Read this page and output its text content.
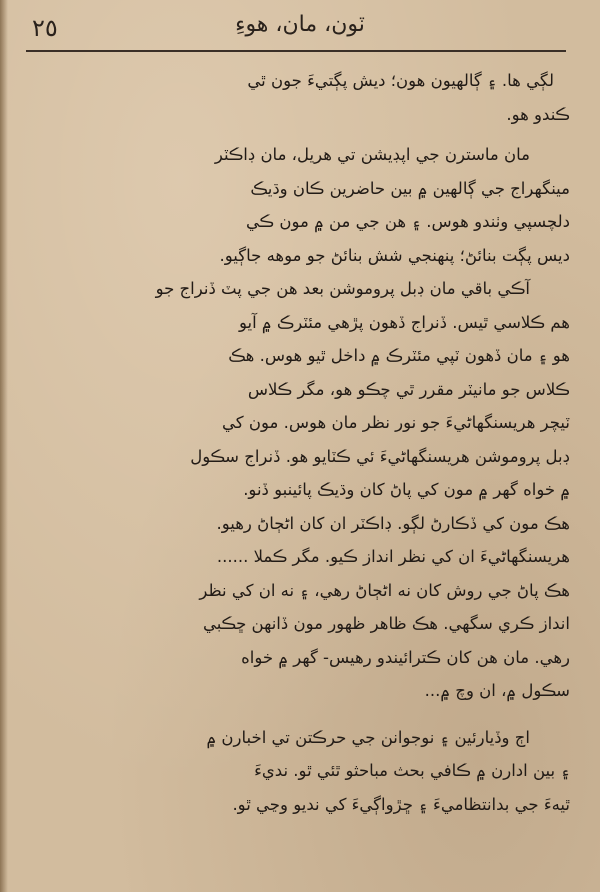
٢٥	ٽون، مان، هوءِ

لڳي ها. ۽ ڳالهيون هون؛ ديش پڳتيءَ جون ٿي
ڪندو هو.

مان ماسترن جي اپڊيشن تي هريل، مان ڊاڪٽر
مينگهراج جي ڳالهين ۾ بين حاضرين ڪان وڌيڪ
دلچسپي وٺندو هوس. ۽ هن جي من ۾ مون ڪي
ديس پڳت بنائڻ؛ پنهنجي شش بنائڻ جو موهه جاڳيو.

آڪي باقي مان ڊبل پروموشن بعد هن جي پٽ ڏنراج جو
هم ڪلاسي ٿيس. ڏنراج ڏهون پڙهي مئٽرڪ ۾ آيو
هو ۽ مان ڏهون ٽپي مئٽرڪ ۾ داخل ٿيو هوس. هڪ
ڪلاس جو مانيٽر مقرر ٿي چڪو هو، مگر ڪلاس
ٽيچر هريسنگهاڻيءَ جو نور نظر مان هوس. مون کي
ڊبل پروموشن هريسنگهاڻيءَ ئي ڪٽايو هو. ڏنراج سڪول
۾ خواه گهر ۾ مون کي پاڻ کان وڌيڪ پائينبو ڏنو.
هڪ مون کي ڏڪارڻ لڳو. ڊاڪٽر ان کان اڻڄاڻ رهيو.
هريسنگهاڻيءَ ان کي نظر انداز ڪيو. مگر ڪملا ......

هڪ پاڻ جي روش کان نه اڻڄاڻ رهي، ۽ نه ان کي نظر
انداز ڪري سگهي. هڪ ظاهر ظهور مون ڏانهن ڇڪبي
رهي. مان هن کان ڪترائيندو رهيس- گهر ۾ خواه
سڪول ۾، ان وچ ۾...

اڄ وڏيارئين ۽ نوجوانن جي حرڪتن تي اخبارن ۾
۽ بين ادارن ۾ ڪافي بحث مباحثو ٿئي ٿو. نديءَ
ٿيهءَ جي بدانتظاميءَ ۽ ڇڙواڳيءَ کي نديو وڃي ٿو.
